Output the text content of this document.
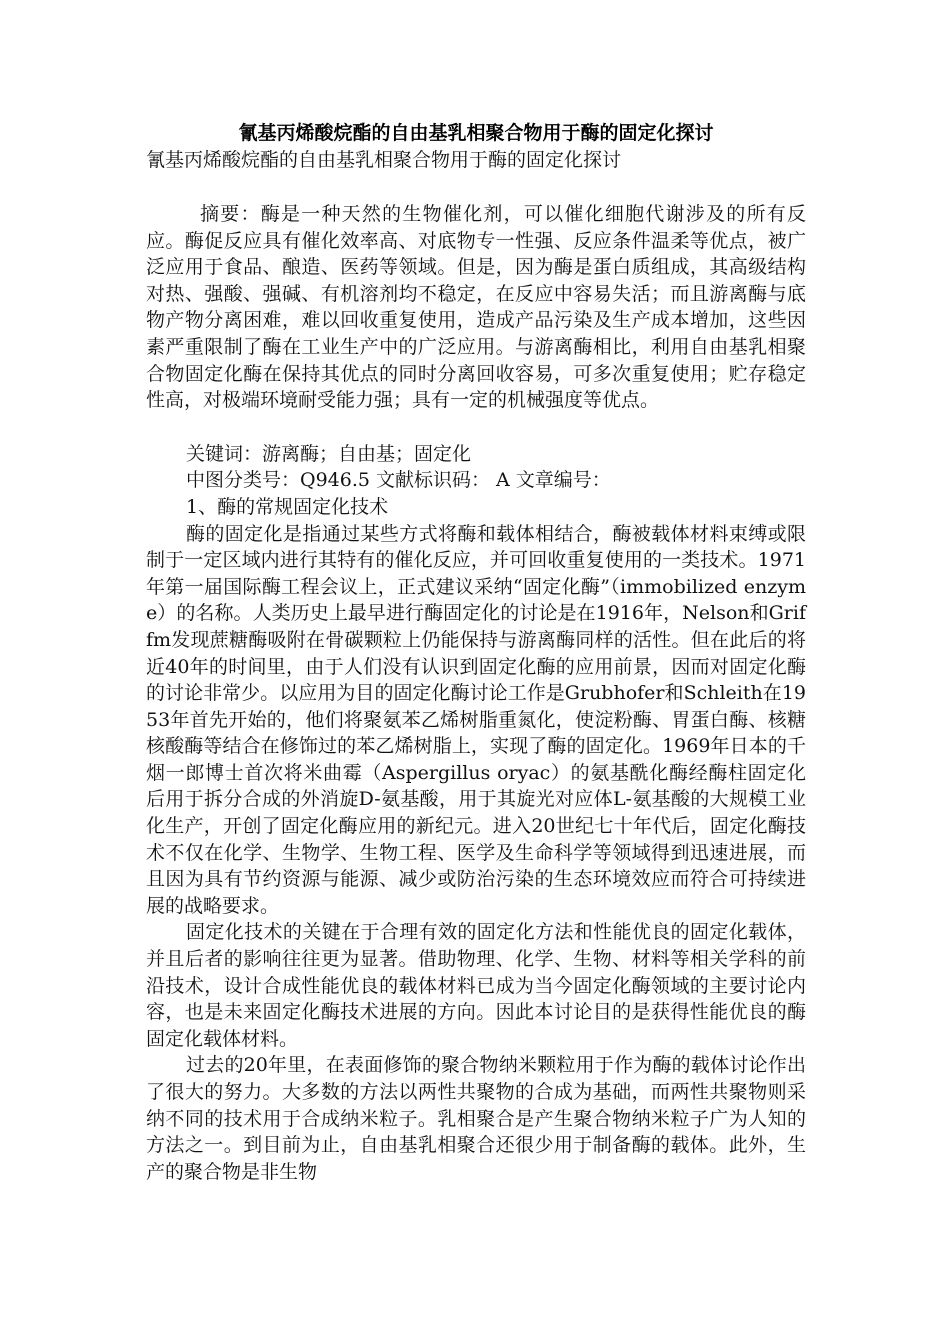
氰基丙烯酸烷酯的自由基乳相聚合物用于酶的固定化探讨
氰基丙烯酸烷酯的自由基乳相聚合物用于酶的固定化探讨

摘要：酶是一种天然的生物催化剂，可以催化细胞代谢涉及的所有反应。酶促反应具有催化效率高、对底物专一性强、反应条件温柔等优点，被广泛应用于食品、酿造、医药等领域。但是，因为酶是蛋白质组成，其高级结构对热、强酸、强碱、有机溶剂均不稳定，在反应中容易失活；而且游离酶与底物产物分离困难，难以回收重复使用，造成产品污染及生产成本增加，这些因素严重限制了酶在工业生产中的广泛应用。与游离酶相比，利用自由基乳相聚合物固定化酶在保持其优点的同时分离回收容易，可多次重复使用；贮存稳定性高，对极端环境耐受能力强；具有一定的机械强度等优点。

关键词：游离酶；自由基；固定化

中图分类号：Q946.5 文献标识码： A 文章编号：

1、酶的常规固定化技术

酶的固定化是指通过某些方式将酶和载体相结合，酶被载体材料束缚或限制于一定区域内进行其特有的催化反应，并可回收重复使用的一类技术。1971年第一届国际酶工程会议上，正式建议采纳“固定化酶”（immobilized enzyme）的名称。人类历史上最早进行酶固定化的讨论是在1916年，Nelson和Griffm发现蔗糖酶吸附在骨碳颗粒上仍能保持与游离酶同样的活性。但在此后的将近40年的时间里，由于人们没有认识到固定化酶的应用前景，因而对固定化酶的讨论非常少。以应用为目的固定化酶讨论工作是Grubhofer和Schleith在1953年首先开始的，他们将聚氨苯乙烯树脂重氮化，使淀粉酶、胃蛋白酶、核糖核酸酶等结合在修饰过的苯乙烯树脂上，实现了酶的固定化。1969年日本的千烟一郎博士首次将米曲霉（Aspergillus oryac）的氨基酰化酶经酶柱固定化后用于拆分合成的外消旋D-氨基酸，用于其旋光对应体L-氨基酸的大规模工业化生产，开创了固定化酶应用的新纪元。进入20世纪七十年代后，固定化酶技术不仅在化学、生物学、生物工程、医学及生命科学等领域得到迅速进展，而且因为具有节约资源与能源、减少或防治污染的生态环境效应而符合可持续进展的战略要求。

固定化技术的关键在于合理有效的固定化方法和性能优良的固定化载体，并且后者的影响往往更为显著。借助物理、化学、生物、材料等相关学科的前沿技术，设计合成性能优良的载体材料已成为当今固定化酶领域的主要讨论内容，也是未来固定化酶技术进展的方向。因此本讨论目的是获得性能优良的酶固定化载体材料。

过去的20年里，在表面修饰的聚合物纳米颗粒用于作为酶的载体讨论作出了很大的努力。大多数的方法以两性共聚物的合成为基础，而两性共聚物则采纳不同的技术用于合成纳米粒子。乳相聚合是产生聚合物纳米粒子广为人知的方法之一。到目前为止，自由基乳相聚合还很少用于制备酶的载体。此外，生产的聚合物是非生物
